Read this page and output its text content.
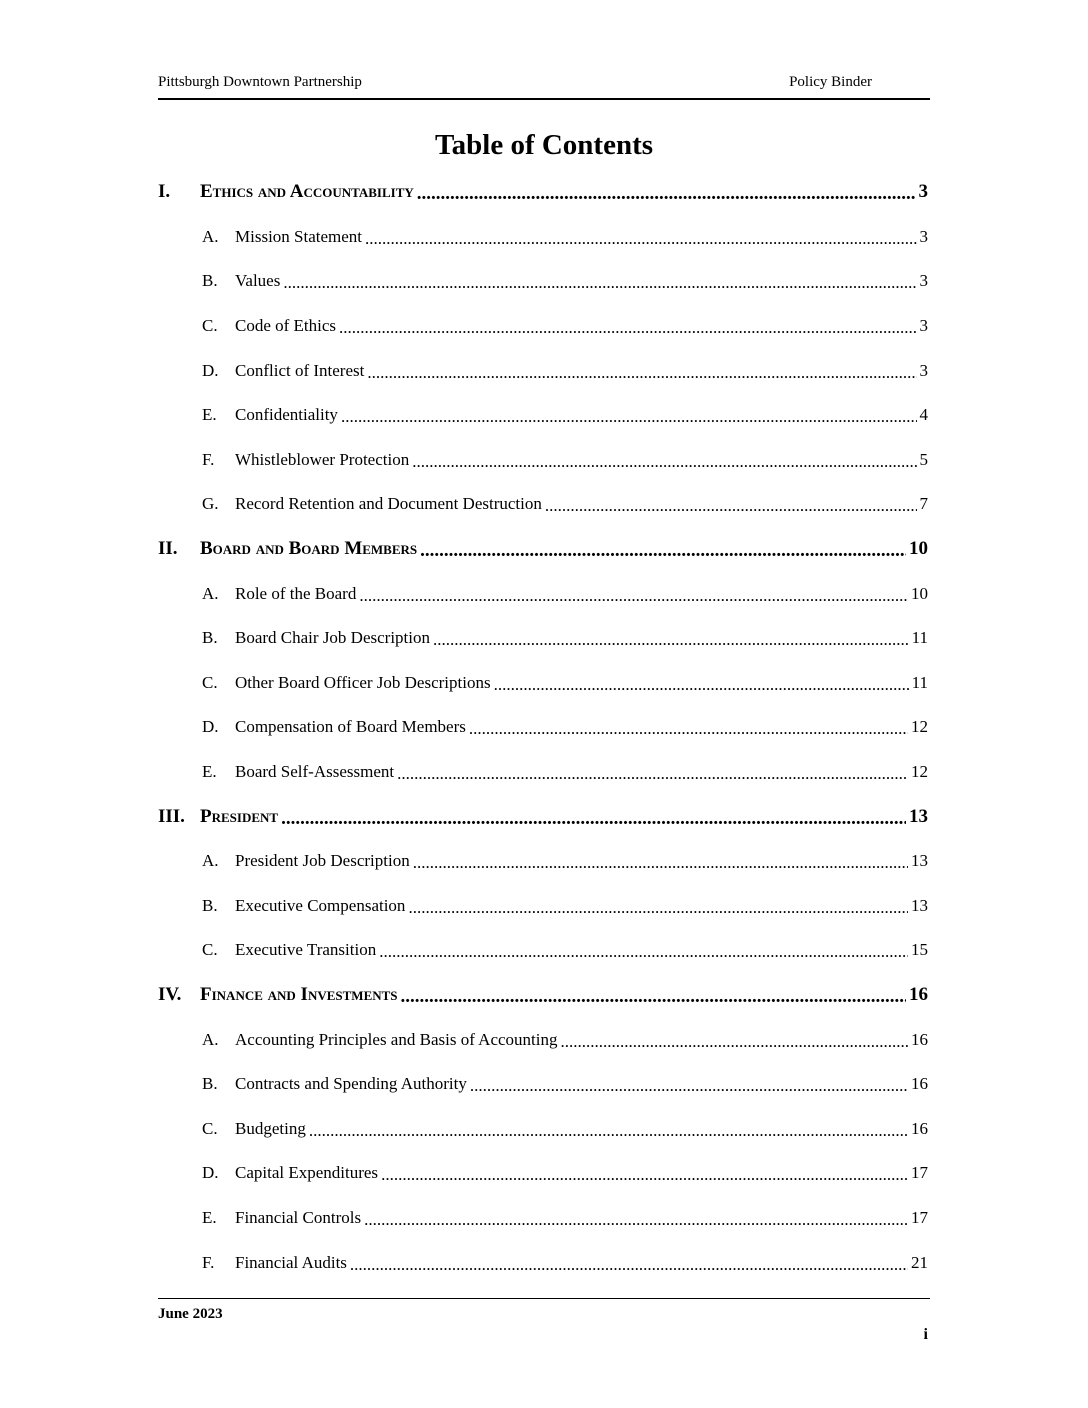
Pittsburgh Downtown Partnership	Policy Binder
Table of Contents
I.	Ethics and Accountability .....	3
A. Mission Statement .....	3
B.	Values .....	3
C.	Code of Ethics .....	3
D. Conflict of Interest .....	3
E.	Confidentiality .....	4
F.	Whistleblower Protection .....	5
G. Record Retention and Document Destruction .....	7
II.	Board and Board Members .....	10
A. Role of the Board .....	10
B.	Board Chair Job Description .....	11
C.	Other Board Officer Job Descriptions .....	11
D. Compensation of Board Members .....	12
E.	Board Self-Assessment .....	12
III. President .....	13
A. President Job Description .....	13
B.	Executive Compensation .....	13
C.	Executive Transition .....	15
IV. Finance and Investments .....	16
A. Accounting Principles and Basis of Accounting .....	16
B.	Contracts and Spending Authority .....	16
C.	Budgeting .....	16
D. Capital Expenditures .....	17
E.	Financial Controls .....	17
F.	Financial Audits .....	21
June 2023
i
